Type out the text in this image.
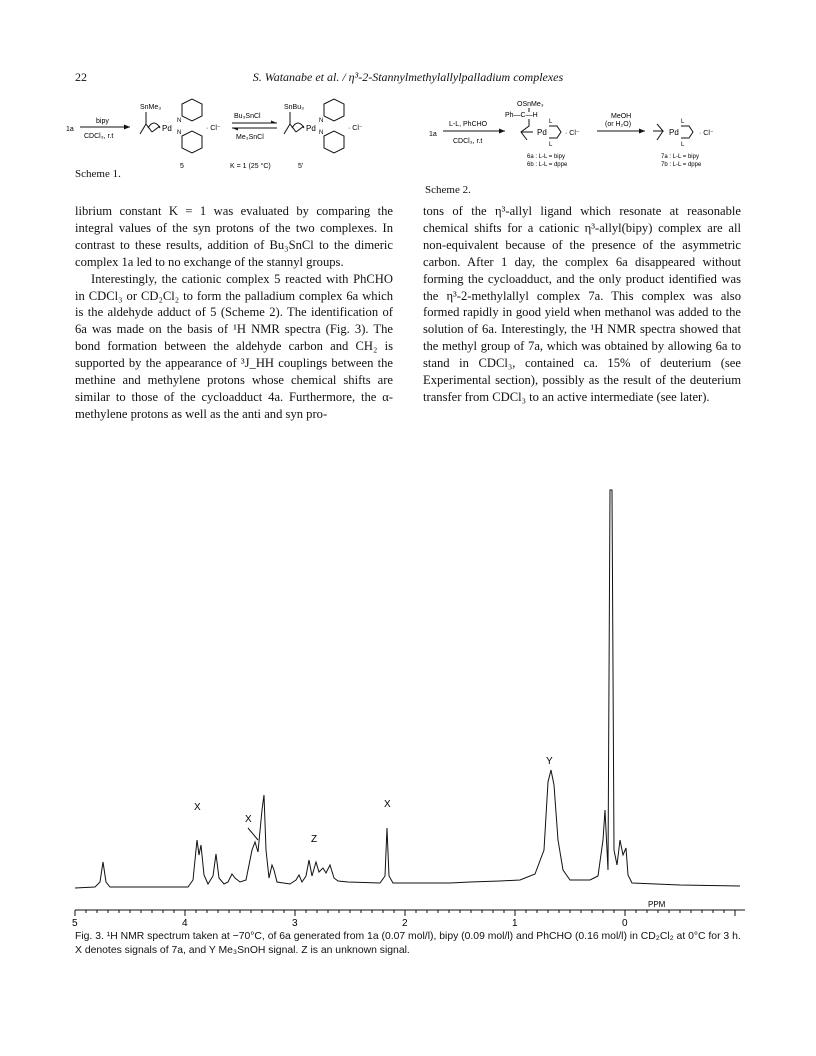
22	S. Watanabe et al. / η³-2-Stannylmethylallylpalladium complexes
1a
bipy
CDCl₃, r.t
SnMe₃
Pd
N
N
· Cl⁻
5
Bu₃SnCl
Me₃SnCl
K = 1 (25 °C)
SnBu₃
Pd
N
N
· Cl⁻
5'
Scheme 1.
1a
L-L, PhCHO
CDCl₃, r.t
OSnMe₃
Ph—C—H
Pd
L
L
· Cl⁻
6a : L-L = bipy
6b : L-L = dppe
MeOH
(or H₂O)
Pd
L
L
· Cl⁻
7a : L-L = bipy
7b : L-L = dppe
Scheme 2.

librium constant K = 1 was evaluated by comparing the integral values of the syn protons of the two complexes. In contrast to these results, addition of Bu₃SnCl to the dimeric complex 1a led to no exchange of the stannyl groups.

Interestingly, the cationic complex 5 reacted with PhCHO in CDCl₃ or CD₂Cl₂ to form the palladium complex 6a which is the aldehyde adduct of 5 (Scheme 2). The identification of 6a was made on the basis of ¹H NMR spectra (Fig. 3). The bond formation between the aldehyde carbon and CH₂ is supported by the appearance of ³J_HH couplings between the methine and methylene protons whose chemical shifts are similar to those of the cycloadduct 4a. Furthermore, the α-methylene protons as well as the anti and syn pro-

tons of the η³-allyl ligand which resonate at reasonable chemical shifts for a cationic η³-allyl(bipy) complex are all non-equivalent because of the presence of the asymmetric carbon. After 1 day, the complex 6a disappeared without forming the cycloadduct, and the only product identified was the η³-2-methylallyl complex 7a. This complex was also formed rapidly in good yield when methanol was added to the solution of 6a. Interestingly, the ¹H NMR spectra showed that the methyl group of 7a, which was obtained by allowing 6a to stand in CDCl₃, contained ca. 15% of deuterium (see Experimental section), possibly as the result of the deuterium transfer from CDCl₃ to an active intermediate (see later).

X
X
Z
X
Y
PPM
5	4	3	2	1	0
Fig. 3. ¹H NMR spectrum taken at −70°C, of 6a generated from 1a (0.07 mol/l), bipy (0.09 mol/l) and PhCHO (0.16 mol/l) in CD₂Cl₂ at 0°C for 3 h. X denotes signals of 7a, and Y Me₃SnOH signal. Z is an unknown signal.
